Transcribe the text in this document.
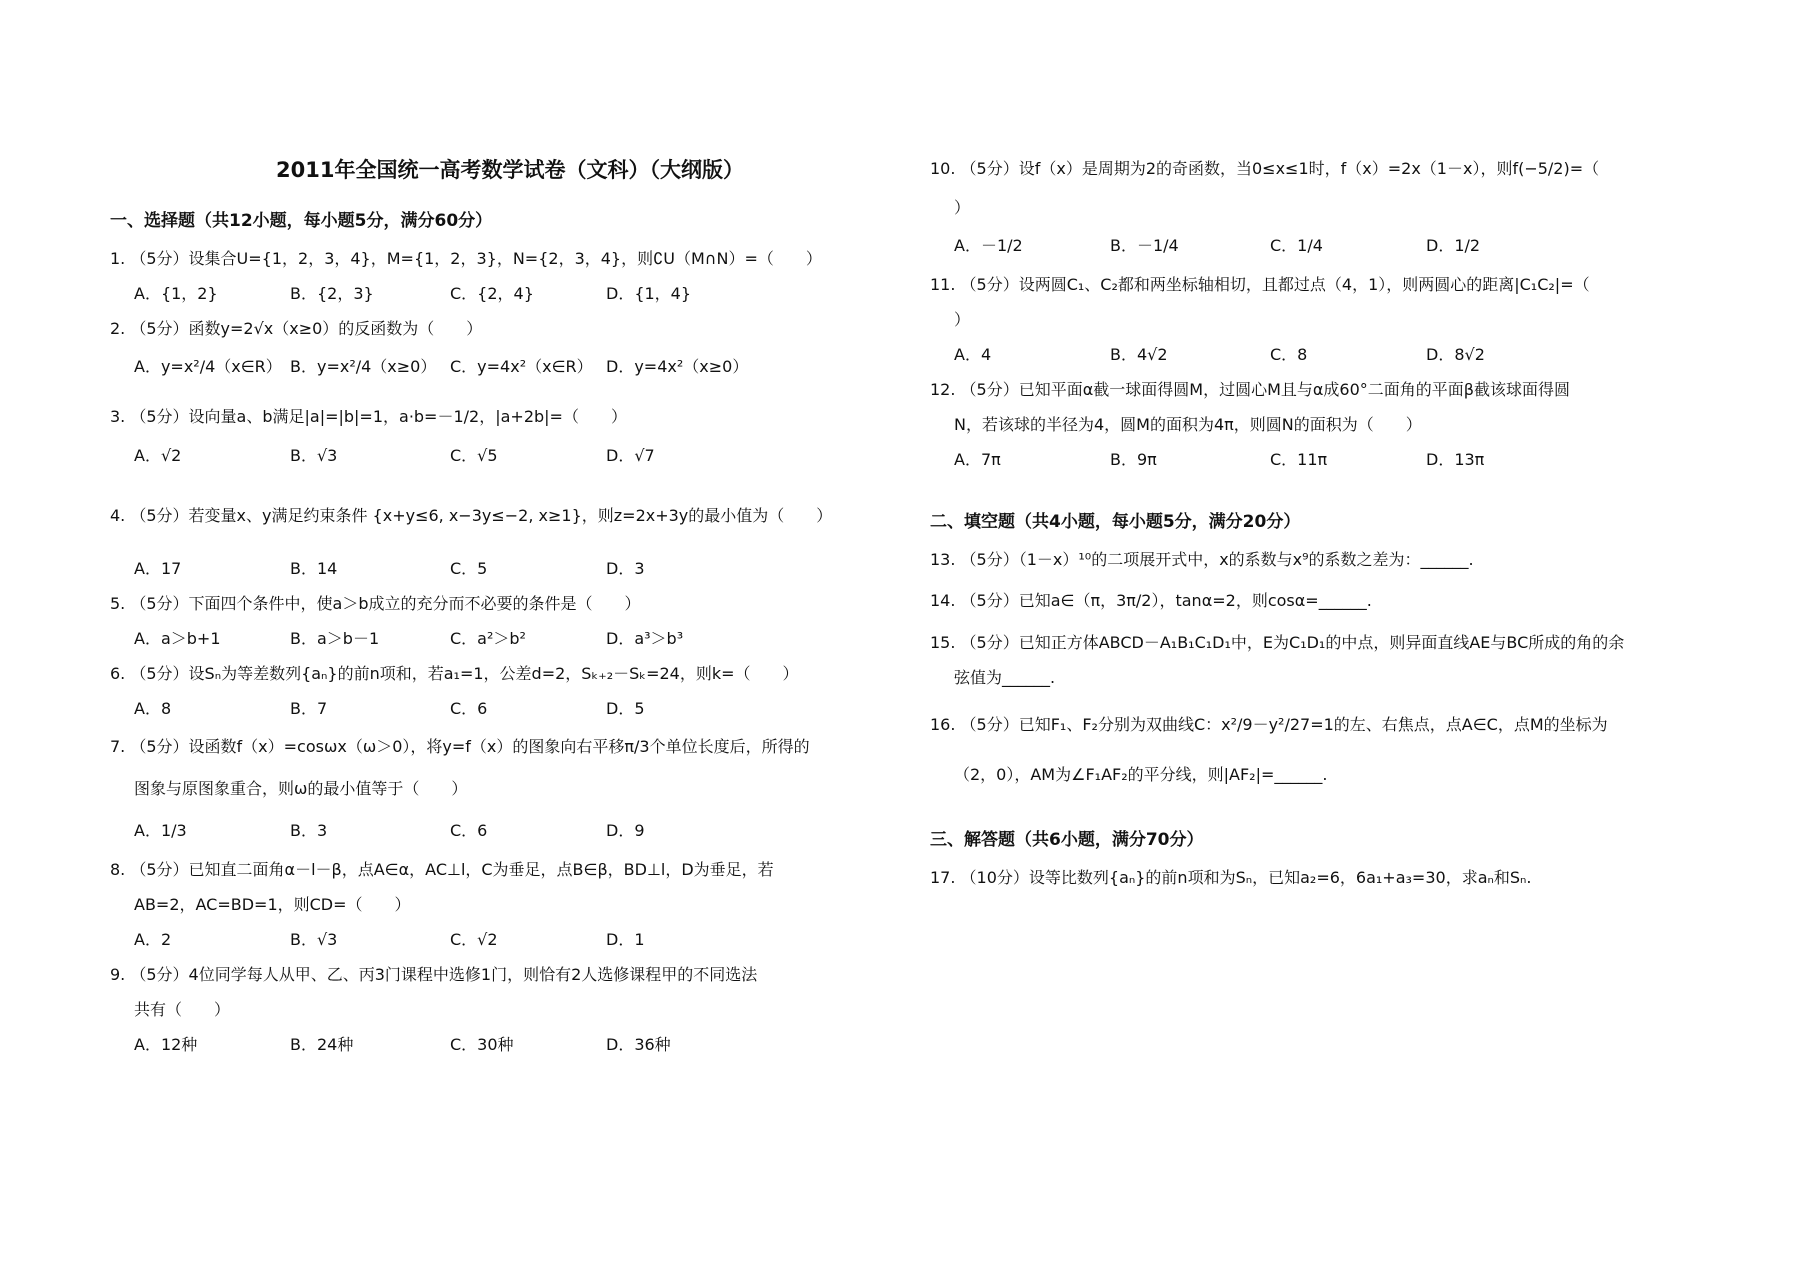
2011年全国统一高考数学试卷（文科）（大纲版）
一、选择题（共12小题，每小题5分，满分60分）
1. （5分）设集合U={1，2，3，4}，M={1，2，3}，N={2，3，4}，则∁U（M∩N）=（　　）
A．{1，2}	B．{2，3}	C．{2，4}	D．{1，4}
2. （5分）函数y=2√x（x≥0）的反函数为（　　）
A．y=x²/4（x∈R） B．y=x²/4（x≥0） C．y=4x²（x∈R） D．y=4x²（x≥0）
3. （5分）设向量a、b满足|a|=|b|=1，a·b=－1/2，|a+2b|=（　　）
A．√2	B．√3	C．√5	D．√7
4. （5分）若变量x、y满足约束条件 {x+y≤6, x−3y≤−2, x≥1}，则z=2x+3y的最小值为（　　）
A．17	B．14	C．5	D．3
5. （5分）下面四个条件中，使a＞b成立的充分而不必要的条件是（　　）
A．a＞b+1	B．a＞b－1	C．a²＞b²	D．a³＞b³
6. （5分）设Sₙ为等差数列{aₙ}的前n项和，若a₁=1，公差d=2，Sₖ₊₂－Sₖ=24，则k=（　　）
A．8	B．7	C．6	D．5
7. （5分）设函数f（x）=cosωx（ω＞0），将y=f（x）的图象向右平移π/3个单位长度后，所得的
图象与原图象重合，则ω的最小值等于（　　）
A．1/3	B．3	C．6	D．9
8. （5分）已知直二面角α－l－β，点A∈α，AC⊥l，C为垂足，点B∈β，BD⊥l，D为垂足，若
AB=2，AC=BD=1，则CD=（　　）
A．2	B．√3	C．√2	D．1
9. （5分）4位同学每人从甲、乙、丙3门课程中选修1门，则恰有2人选修课程甲的不同选法
共有（　　）
A．12种	B．24种	C．30种	D．36种
10. （5分）设f（x）是周期为2的奇函数，当0≤x≤1时，f（x）=2x（1－x），则f(−5/2)=（
）
A．－1/2	B．－1/4	C．1/4	D．1/2
11. （5分）设两圆C₁、C₂都和两坐标轴相切，且都过点（4，1），则两圆心的距离|C₁C₂|=（
）
A．4	B．4√2	C．8	D．8√2
12. （5分）已知平面α截一球面得圆M，过圆心M且与α成60°二面角的平面β截该球面得圆
N，若该球的半径为4，圆M的面积为4π，则圆N的面积为（　　）
A．7π	B．9π	C．11π	D．13π
二、填空题（共4小题，每小题5分，满分20分）
13. （5分）（1－x）¹⁰的二项展开式中，x的系数与x⁹的系数之差为：______.
14. （5分）已知a∈（π，3π/2），tanα=2，则cosα=______.
15. （5分）已知正方体ABCD－A₁B₁C₁D₁中，E为C₁D₁的中点，则异面直线AE与BC所成的角的余
弦值为______.
16. （5分）已知F₁、F₂分别为双曲线C：x²/9－y²/27=1的左、右焦点，点A∈C，点M的坐标为
（2，0），AM为∠F₁AF₂的平分线，则|AF₂|=______.
三、解答题（共6小题，满分70分）
17. （10分）设等比数列{aₙ}的前n项和为Sₙ，已知a₂=6，6a₁+a₃=30，求aₙ和Sₙ.
